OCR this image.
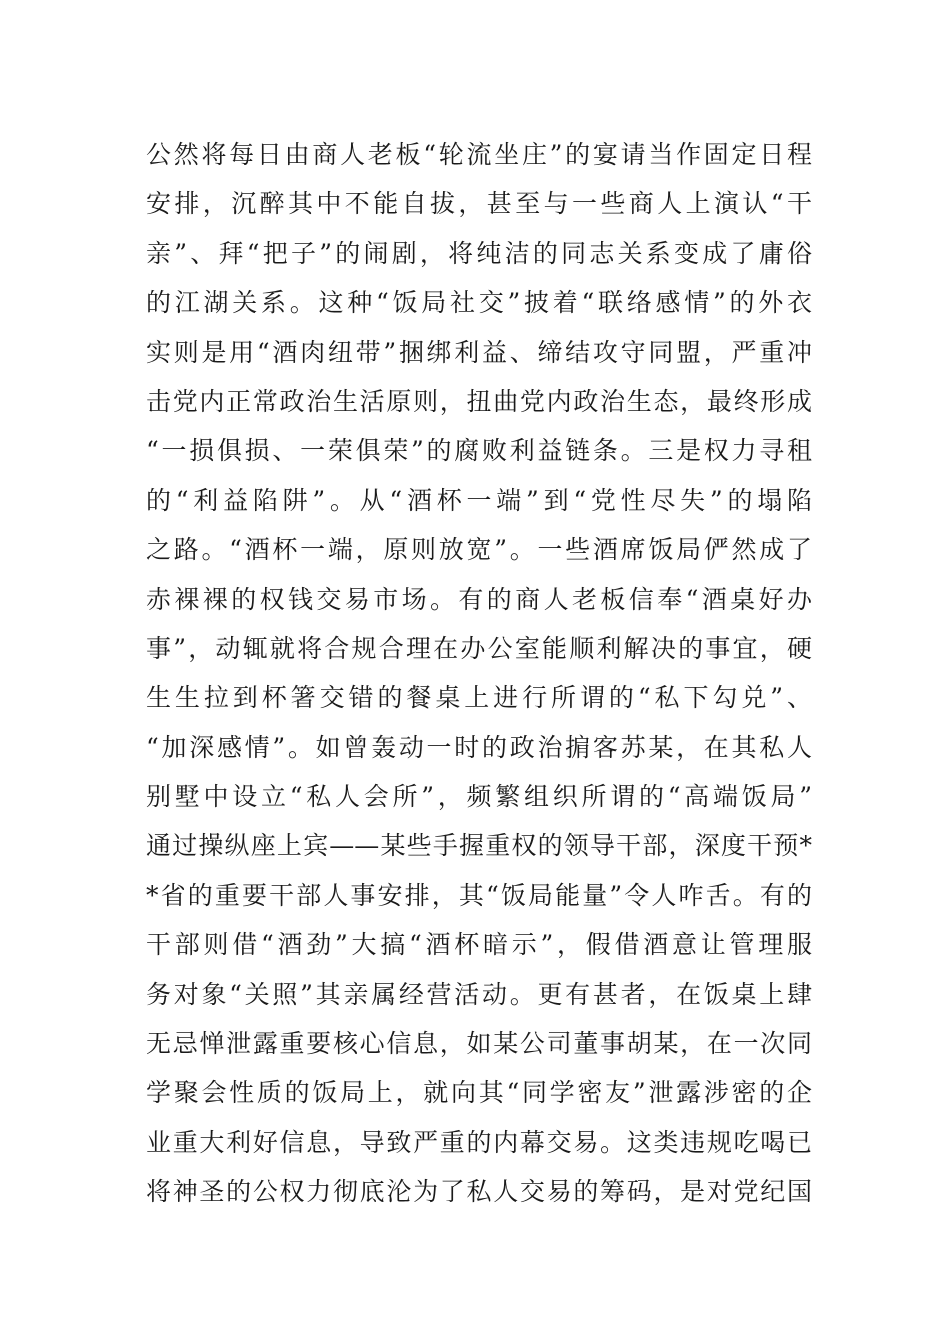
公然将每日由商人老板“轮流坐庄”的宴请当作固定日程
安排，沉醉其中不能自拔，甚至与一些商人上演认“干
亲”、拜“把子”的闹剧，将纯洁的同志关系变成了庸俗
的江湖关系。这种“饭局社交”披着“联络感情”的外衣
实则是用“酒肉纽带”捆绑利益、缔结攻守同盟，严重冲
击党内正常政治生活原则，扭曲党内政治生态，最终形成
“一损俱损、一荣俱荣”的腐败利益链条。三是权力寻租
的“利益陷阱”。从“酒杯一端”到“党性尽失”的塌陷
之路。“酒杯一端，原则放宽”。一些酒席饭局俨然成了
赤裸裸的权钱交易市场。有的商人老板信奉“酒桌好办
事”，动辄就将合规合理在办公室能顺利解决的事宜，硬
生生拉到杯箸交错的餐桌上进行所谓的“私下勾兑”、
“加深感情”。如曾轰动一时的政治掮客苏某，在其私人
别墅中设立“私人会所”，频繁组织所谓的“高端饭局”
通过操纵座上宾——某些手握重权的领导干部，深度干预*
*省的重要干部人事安排，其“饭局能量”令人咋舌。有的
干部则借“酒劲”大搞“酒杯暗示”，假借酒意让管理服
务对象“关照”其亲属经营活动。更有甚者，在饭桌上肆
无忌惮泄露重要核心信息，如某公司董事胡某，在一次同
学聚会性质的饭局上，就向其“同学密友”泄露涉密的企
业重大利好信息，导致严重的内幕交易。这类违规吃喝已
将神圣的公权力彻底沦为了私人交易的筹码，是对党纪国
